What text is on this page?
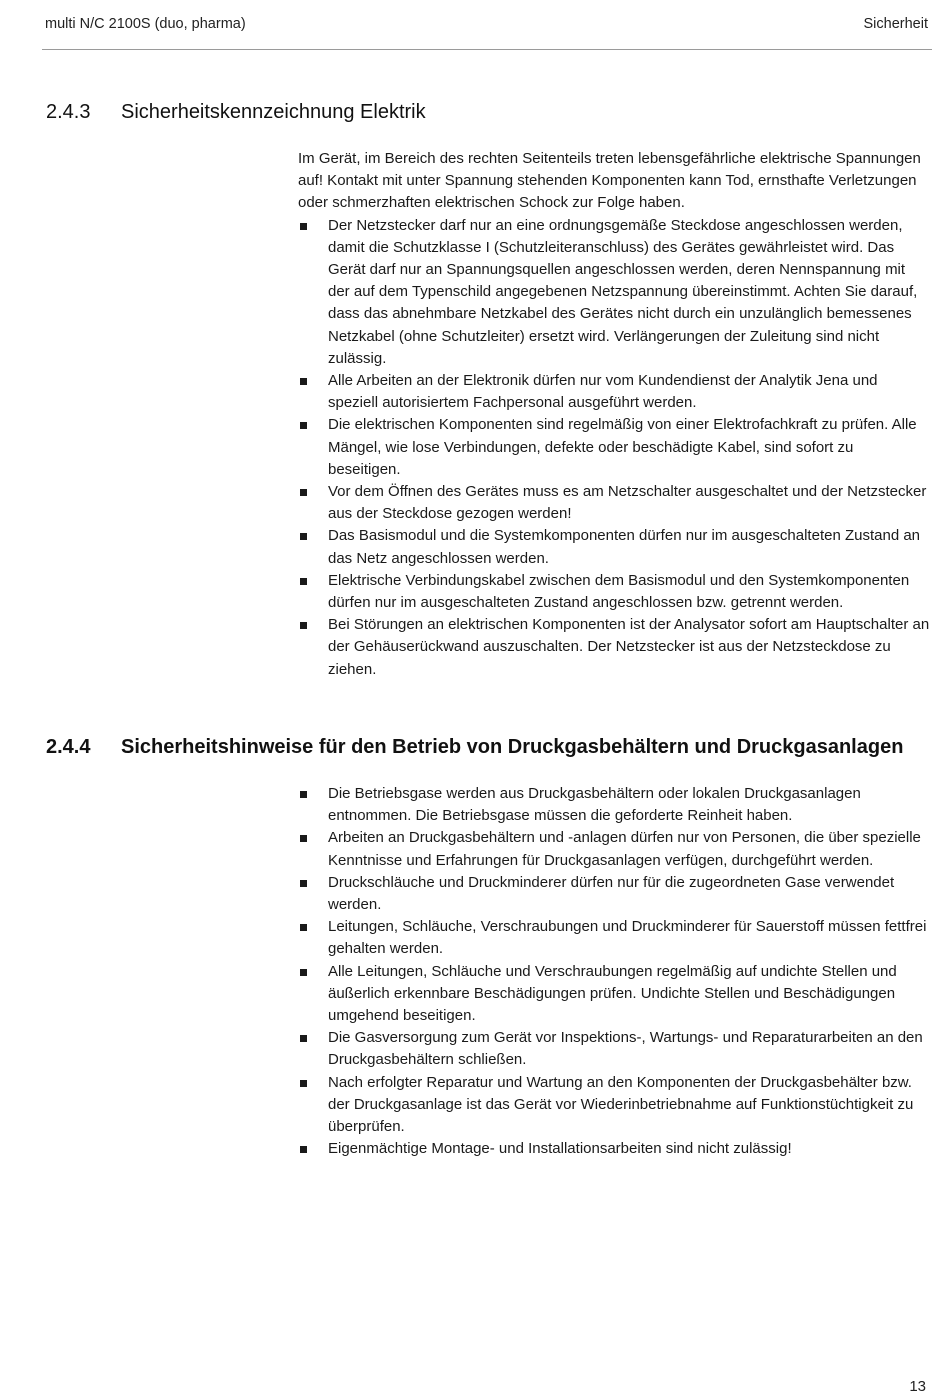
multi N/C 2100S (duo, pharma)	Sicherheit
2.4.3 Sicherheitskennzeichnung Elektrik

Im Gerät, im Bereich des rechten Seitenteils treten lebensgefährliche elektrische Spannungen auf! Kontakt mit unter Spannung stehenden Komponenten kann Tod, ernsthafte Verletzungen oder schmerzhaften elektrischen Schock zur Folge haben.

Der Netzstecker darf nur an eine ordnungsgemäße Steckdose angeschlossen werden, damit die Schutzklasse I (Schutzleiteranschluss) des Gerätes gewährleistet wird. Das Gerät darf nur an Spannungsquellen angeschlossen werden, deren Nennspannung mit der auf dem Typenschild angegebenen Netzspannung übereinstimmt. Achten Sie darauf, dass das abnehmbare Netzkabel des Gerätes nicht durch ein unzulänglich bemessenes Netzkabel (ohne Schutzleiter) ersetzt wird. Verlängerungen der Zuleitung sind nicht zulässig.
Alle Arbeiten an der Elektronik dürfen nur vom Kundendienst der Analytik Jena und speziell autorisiertem Fachpersonal ausgeführt werden.
Die elektrischen Komponenten sind regelmäßig von einer Elektrofachkraft zu prüfen. Alle Mängel, wie lose Verbindungen, defekte oder beschädigte Kabel, sind sofort zu beseitigen.
Vor dem Öffnen des Gerätes muss es am Netzschalter ausgeschaltet und der Netzstecker aus der Steckdose gezogen werden!
Das Basismodul und die Systemkomponenten dürfen nur im ausgeschalteten Zustand an das Netz angeschlossen werden.
Elektrische Verbindungskabel zwischen dem Basismodul und den Systemkomponenten dürfen nur im ausgeschalteten Zustand angeschlossen bzw. getrennt werden.
Bei Störungen an elektrischen Komponenten ist der Analysator sofort am Hauptschalter an der Gehäuserückwand auszuschalten. Der Netzstecker ist aus der Netzsteckdose zu ziehen.
2.4.4 Sicherheitshinweise für den Betrieb von Druckgasbehältern und Druckgasanlagen
Die Betriebsgase werden aus Druckgasbehältern oder lokalen Druckgasanlagen entnommen. Die Betriebsgase müssen die geforderte Reinheit haben.
Arbeiten an Druckgasbehältern und -anlagen dürfen nur von Personen, die über spezielle Kenntnisse und Erfahrungen für Druckgasanlagen verfügen, durchgeführt werden.
Druckschläuche und Druckminderer dürfen nur für die zugeordneten Gase verwendet werden.
Leitungen, Schläuche, Verschraubungen und Druckminderer für Sauerstoff müssen fettfrei gehalten werden.
Alle Leitungen, Schläuche und Verschraubungen regelmäßig auf undichte Stellen und äußerlich erkennbare Beschädigungen prüfen. Undichte Stellen und Beschädigungen umgehend beseitigen.
Die Gasversorgung zum Gerät vor Inspektions-, Wartungs- und Reparaturarbeiten an den Druckgasbehältern schließen.
Nach erfolgter Reparatur und Wartung an den Komponenten der Druckgasbehälter bzw. der Druckgasanlage ist das Gerät vor Wiederinbetriebnahme auf Funktionstüchtigkeit zu überprüfen.
Eigenmächtige Montage- und Installationsarbeiten sind nicht zulässig!
13
